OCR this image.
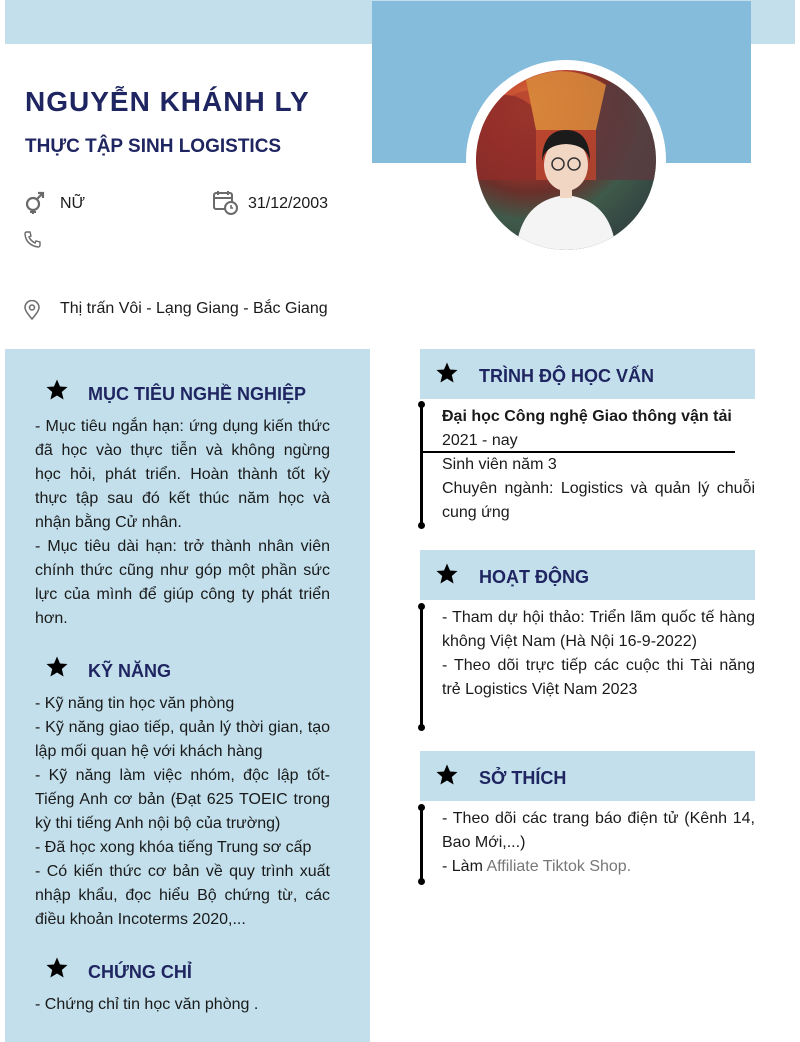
NGUYỄN KHÁNH LY
THỰC TẬP SINH LOGISTICS
NỮ	31/12/2003
Thị trấn Vôi - Lạng Giang - Bắc Giang
MỤC TIÊU NGHỀ NGHIỆP

- Mục tiêu ngắn hạn: ứng dụng kiến thức đã học vào thực tiễn và không ngừng học hỏi, phát triển. Hoàn thành tốt kỳ thực tập sau đó kết thúc năm học và nhận bằng Cử nhân.

- Mục tiêu dài hạn: trở thành nhân viên chính thức cũng như góp một phần sức lực của mình để giúp công ty phát triển hơn.

KỸ NĂNG

- Kỹ năng tin học văn phòng

- Kỹ năng giao tiếp, quản lý thời gian, tạo lập mối quan hệ với khách hàng

- Kỹ năng làm việc nhóm, độc lập tốt- Tiếng Anh cơ bản (Đạt 625 TOEIC trong kỳ thi tiếng Anh nội bộ của trường)

- Đã học xong khóa tiếng Trung sơ cấp

- Có kiến thức cơ bản về quy trình xuất nhập khẩu, đọc hiểu Bộ chứng từ, các điều khoản Incoterms 2020,...

CHỨNG CHỈ

- Chứng chỉ tin học văn phòng .

TRÌNH ĐỘ HỌC VẤN

Đại học Công nghệ Giao thông vận tải

2021 - nay

Sinh viên năm 3

Chuyên ngành: Logistics và quản lý chuỗi cung ứng

HOẠT ĐỘNG

- Tham dự hội thảo: Triển lãm quốc tế hàng không Việt Nam (Hà Nội 16-9-2022)

- Theo dõi trực tiếp các cuộc thi Tài năng trẻ Logistics Việt Nam 2023

SỞ THÍCH

- Theo dõi các trang báo điện tử (Kênh 14, Bao Mới,...)

- Làm Affiliate Tiktok Shop.
